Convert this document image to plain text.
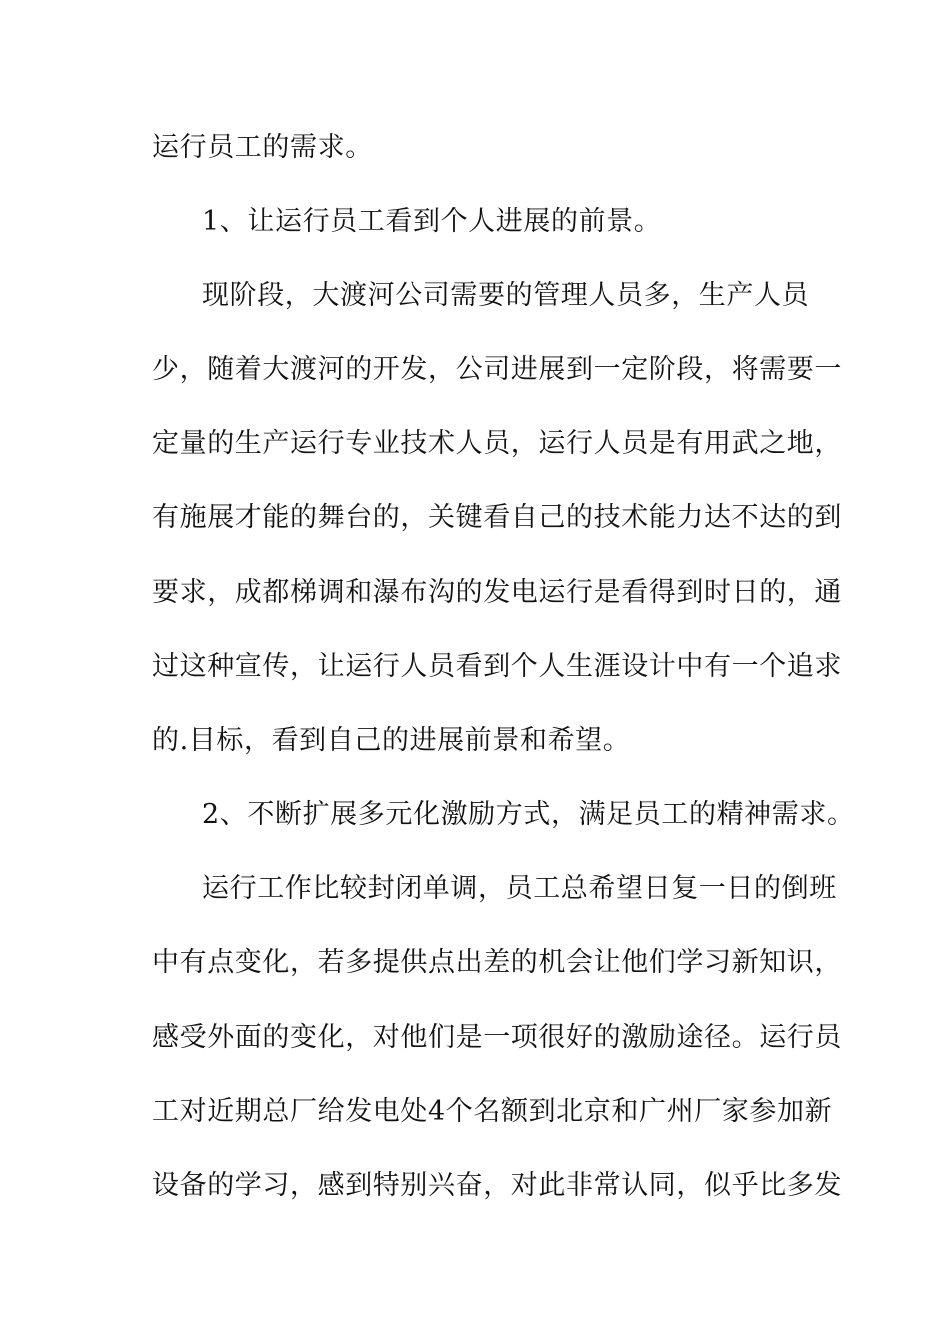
运行员工的需求。
1、让运行员工看到个人进展的前景。
现阶段，大渡河公司需要的管理人员多，生产人员
少，随着大渡河的开发，公司进展到一定阶段，将需要一
定量的生产运行专业技术人员，运行人员是有用武之地，
有施展才能的舞台的，关键看自己的技术能力达不达的到
要求，成都梯调和瀑布沟的发电运行是看得到时日的，通
过这种宣传，让运行人员看到个人生涯设计中有一个追求
的.目标，看到自己的进展前景和希望。
2、不断扩展多元化激励方式，满足员工的精神需求。
运行工作比较封闭单调，员工总希望日复一日的倒班
中有点变化，若多提供点出差的机会让他们学习新知识，
感受外面的变化，对他们是一项很好的激励途径。运行员
工对近期总厂给发电处4个名额到北京和广州厂家参加新
设备的学习，感到特别兴奋，对此非常认同，似乎比多发
